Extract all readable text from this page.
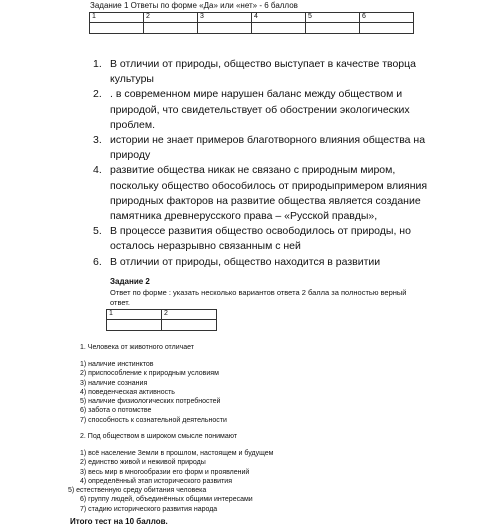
Задание 1 Ответы по форме «Да» или «нет» - 6 баллов
1	2	3	4	5	6

1. В отличии от природы, общество выступает в качестве творца культуры
2. . в современном мире нарушен баланс между обществом и природой, что свидетельствует об обострении экологических проблем.
3. истории не знает примеров благотворного влияния общества на природу
4. развитие общества никак не связано с природным миром, поскольку общество обособилось от природыпримером влияния природных факторов на развитие общества является создание памятника древнерусского права – «Русской правды»,
5. В процессе развития общество освободилось от природы, но осталось неразрывно связанным с ней
6. В отличии от природы, общество находится в развитии
Задание 2
Ответ по форме : указать несколько вариантов ответа 2 балла за полностью верный ответ.
1	2

1. Человека от животного отличает
1) наличие инстинктов
2) приспособление к природным условиям
3) наличие сознания
4) поведенческая активность
5) наличие физиологических потребностей
6) забота о потомстве
7) способность к сознательной деятельности
2. Под обществом в широком смысле понимают
1) всё население Земли в прошлом, настоящем и будущем
2) единство живой и неживой природы
3) весь мир в многообразии его форм и проявлений
4) определённый этап исторического развития
5) естественную среду обитания человека
6) группу людей, объединённых общими интересами
7) стадию исторического развития народа
Итого тест на 10 баллов.
